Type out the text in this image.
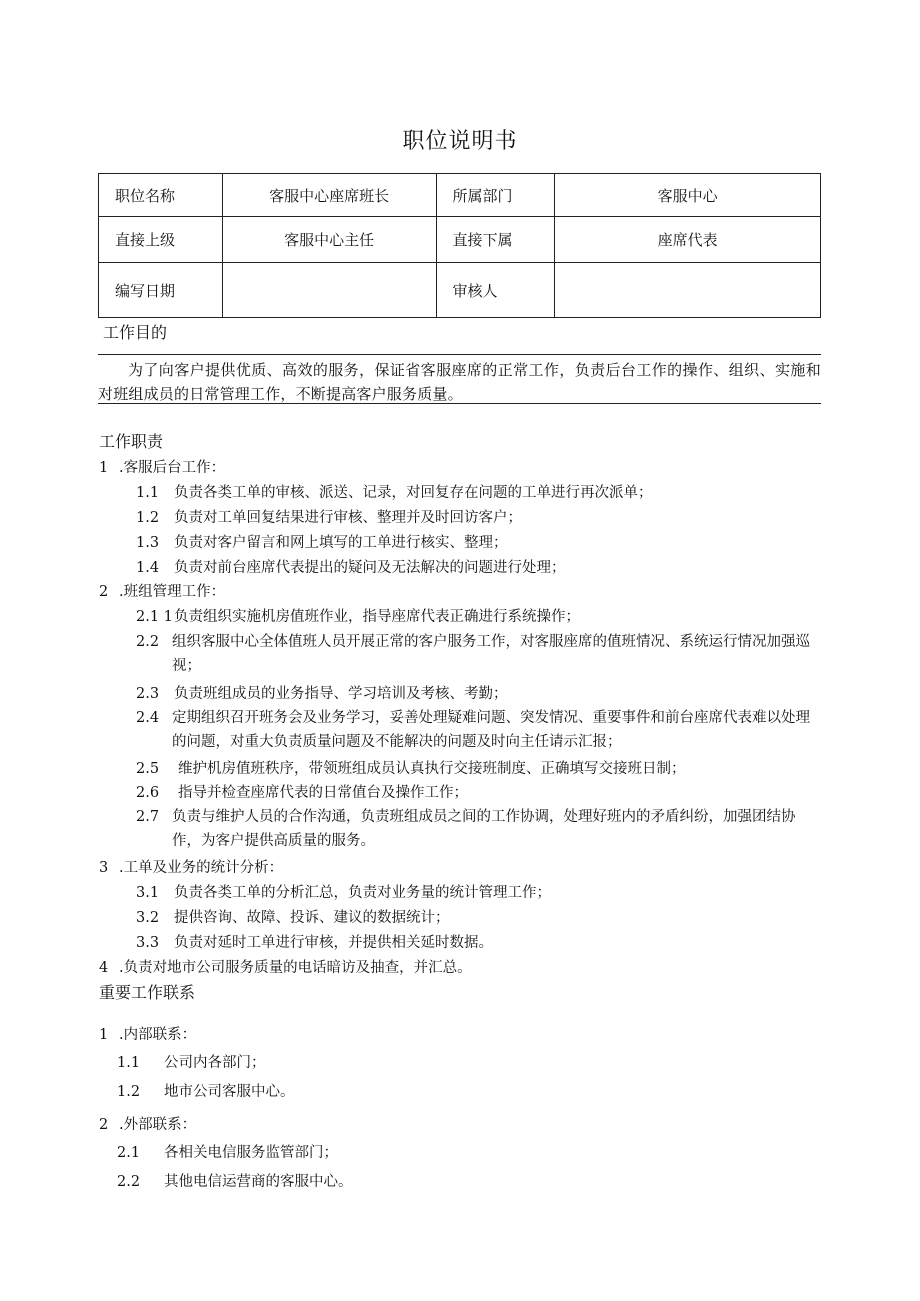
职位说明书
职位名称	客服中心座席班长	所属部门	客服中心
直接上级	客服中心主任	直接下属	座席代表
编写日期		审核人	
工作目的

为了向客户提供优质、高效的服务，保证省客服座席的正常工作，负责后台工作的操作、组织、实施和对班组成员的日常管理工作，不断提高客户服务质量。

工作职责
1 .客服后台工作：
1.1 负责各类工单的审核、派送、记录，对回复存在问题的工单进行再次派单；
1.2 负责对工单回复结果进行审核、整理并及时回访客户；
1.3 负责对客户留言和网上填写的工单进行核实、整理；
1.4 负责对前台座席代表提出的疑问及无法解决的问题进行处理；
2 .班组管理工作：
2.1 1负责组织实施机房值班作业，指导座席代表正确进行系统操作；
2.2 组织客服中心全体值班人员开展正常的客户服务工作，对客服座席的值班情况、系统运行情况加强巡视；
2.3 负责班组成员的业务指导、学习培训及考核、考勤；
2.4 定期组织召开班务会及业务学习，妥善处理疑难问题、突发情况、重要事件和前台座席代表难以处理的问题，对重大负责质量问题及不能解决的问题及时向主任请示汇报；
2.5 维护机房值班秩序，带领班组成员认真执行交接班制度、正确填写交接班日制；
2.6 指导并检查座席代表的日常值台及操作工作；
2.7 负责与维护人员的合作沟通，负责班组成员之间的工作协调，处理好班内的矛盾纠纷，加强团结协作，为客户提供高质量的服务。
3 .工单及业务的统计分析：
3.1 负责各类工单的分析汇总，负责对业务量的统计管理工作；
3.2 提供咨询、故障、投诉、建议的数据统计；
3.3 负责对延时工单进行审核，并提供相关延时数据。
4 .负责对地市公司服务质量的电话暗访及抽查，并汇总。
重要工作联系
1 .内部联系：
1.1 公司内各部门；
1.2 地市公司客服中心。
2 .外部联系：
2.1 各相关电信服务监管部门；
2.2 其他电信运营商的客服中心。
